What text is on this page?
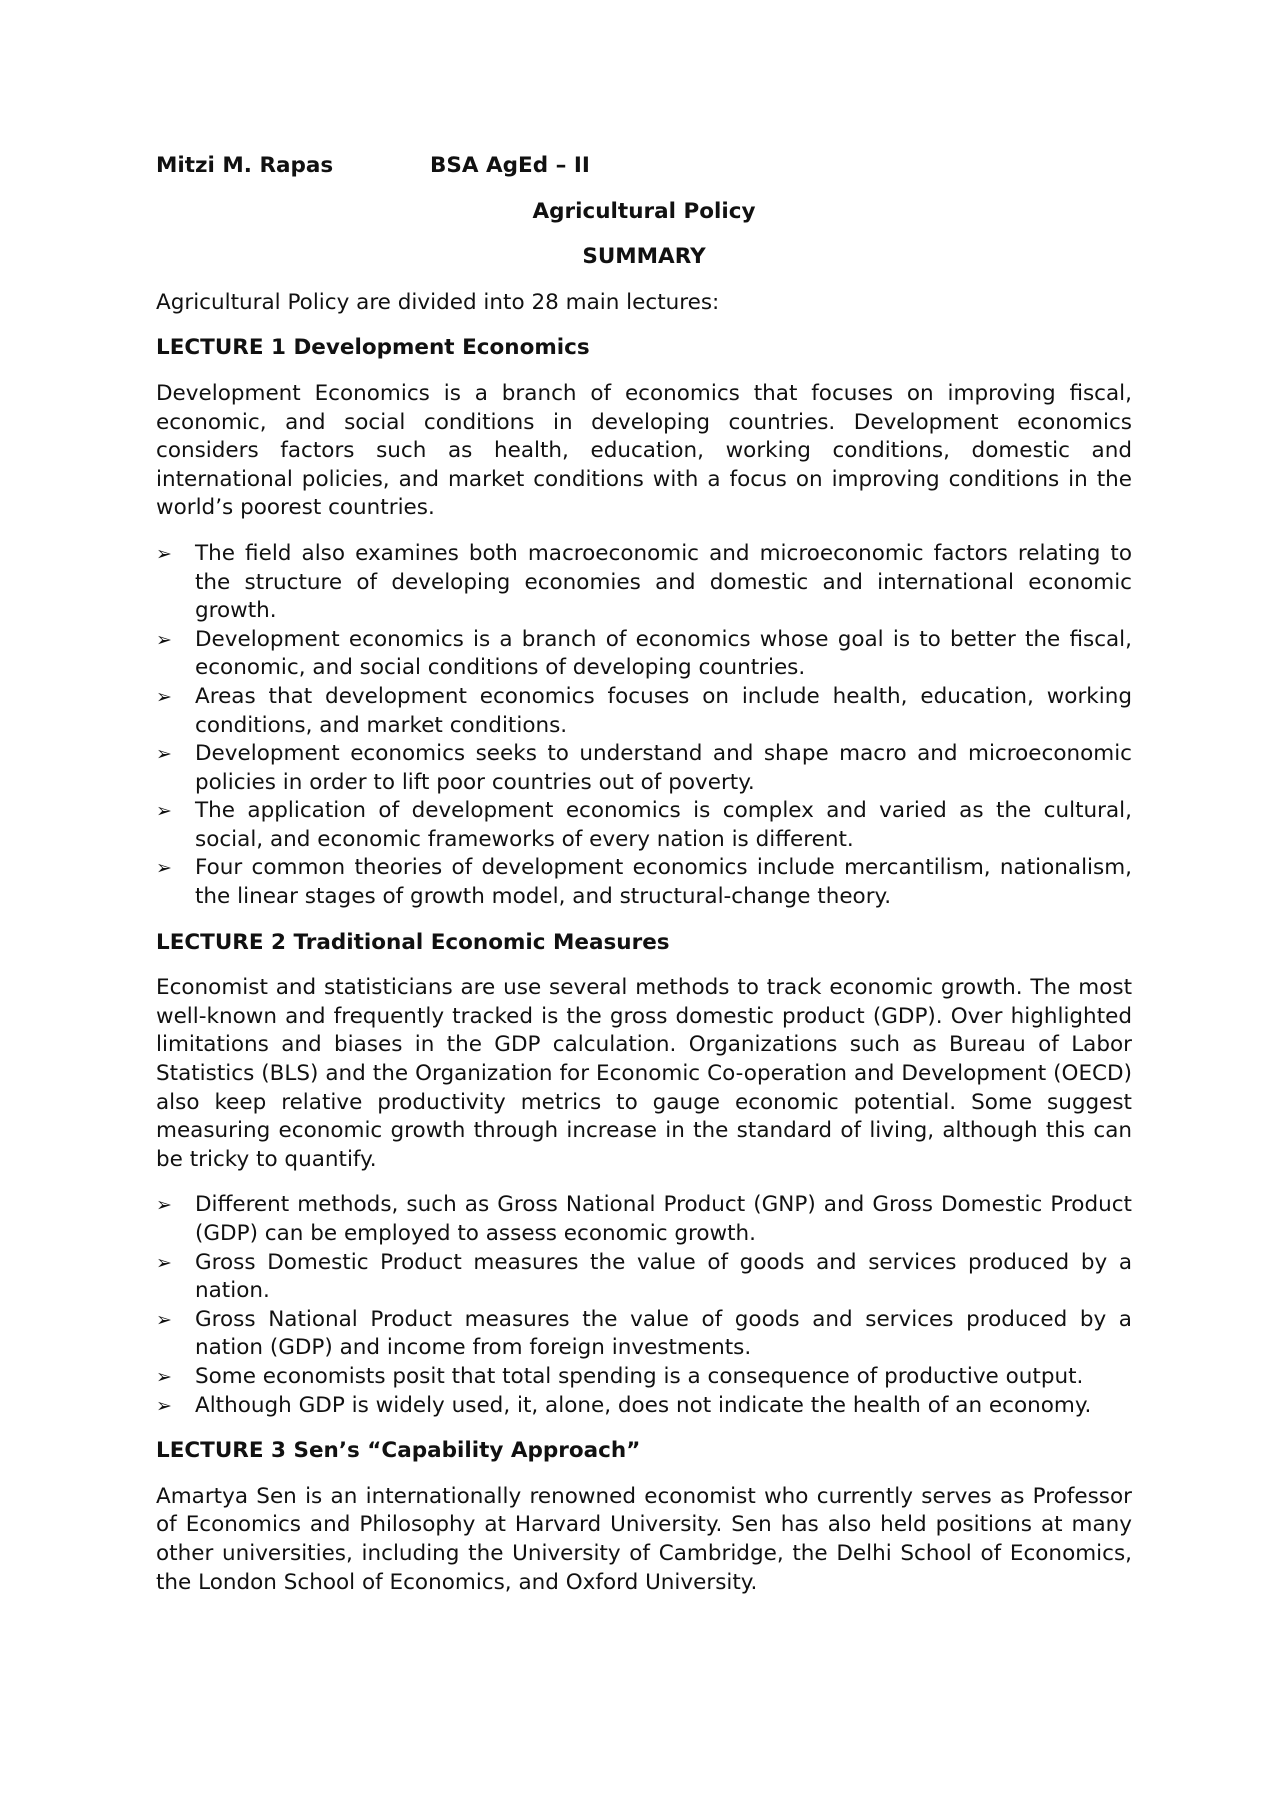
Mitzi M. Rapas	BSA AgEd – II
Agricultural Policy
SUMMARY
Agricultural Policy are divided into 28 main lectures:
LECTURE 1 Development Economics
Development Economics is a branch of economics that focuses on improving fiscal, economic, and social conditions in developing countries. Development economics considers factors such as health, education, working conditions, domestic and international policies, and market conditions with a focus on improving conditions in the world’s poorest countries.
➢ The field also examines both macroeconomic and microeconomic factors relating to the structure of developing economies and domestic and international economic growth.
➢ Development economics is a branch of economics whose goal is to better the fiscal, economic, and social conditions of developing countries.
➢ Areas that development economics focuses on include health, education, working conditions, and market conditions.
➢ Development economics seeks to understand and shape macro and microeconomic policies in order to lift poor countries out of poverty.
➢ The application of development economics is complex and varied as the cultural, social, and economic frameworks of every nation is different.
➢ Four common theories of development economics include mercantilism, nationalism, the linear stages of growth model, and structural-change theory.
LECTURE 2 Traditional Economic Measures
Economist and statisticians are use several methods to track economic growth. The most well-known and frequently tracked is the gross domestic product (GDP). Over highlighted limitations and biases in the GDP calculation. Organizations such as Bureau of Labor Statistics (BLS) and the Organization for Economic Co-operation and Development (OECD) also keep relative productivity metrics to gauge economic potential. Some suggest measuring economic growth through increase in the standard of living, although this can be tricky to quantify.
➢ Different methods, such as Gross National Product (GNP) and Gross Domestic Product (GDP) can be employed to assess economic growth.
➢ Gross Domestic Product measures the value of goods and services produced by a nation.
➢ Gross National Product measures the value of goods and services produced by a nation (GDP) and income from foreign investments.
➢ Some economists posit that total spending is a consequence of productive output.
➢ Although GDP is widely used, it, alone, does not indicate the health of an economy.
LECTURE 3 Sen’s “Capability Approach”
Amartya Sen is an internationally renowned economist who currently serves as Professor of Economics and Philosophy at Harvard University. Sen has also held positions at many other universities, including the University of Cambridge, the Delhi School of Economics, the London School of Economics, and Oxford University.
